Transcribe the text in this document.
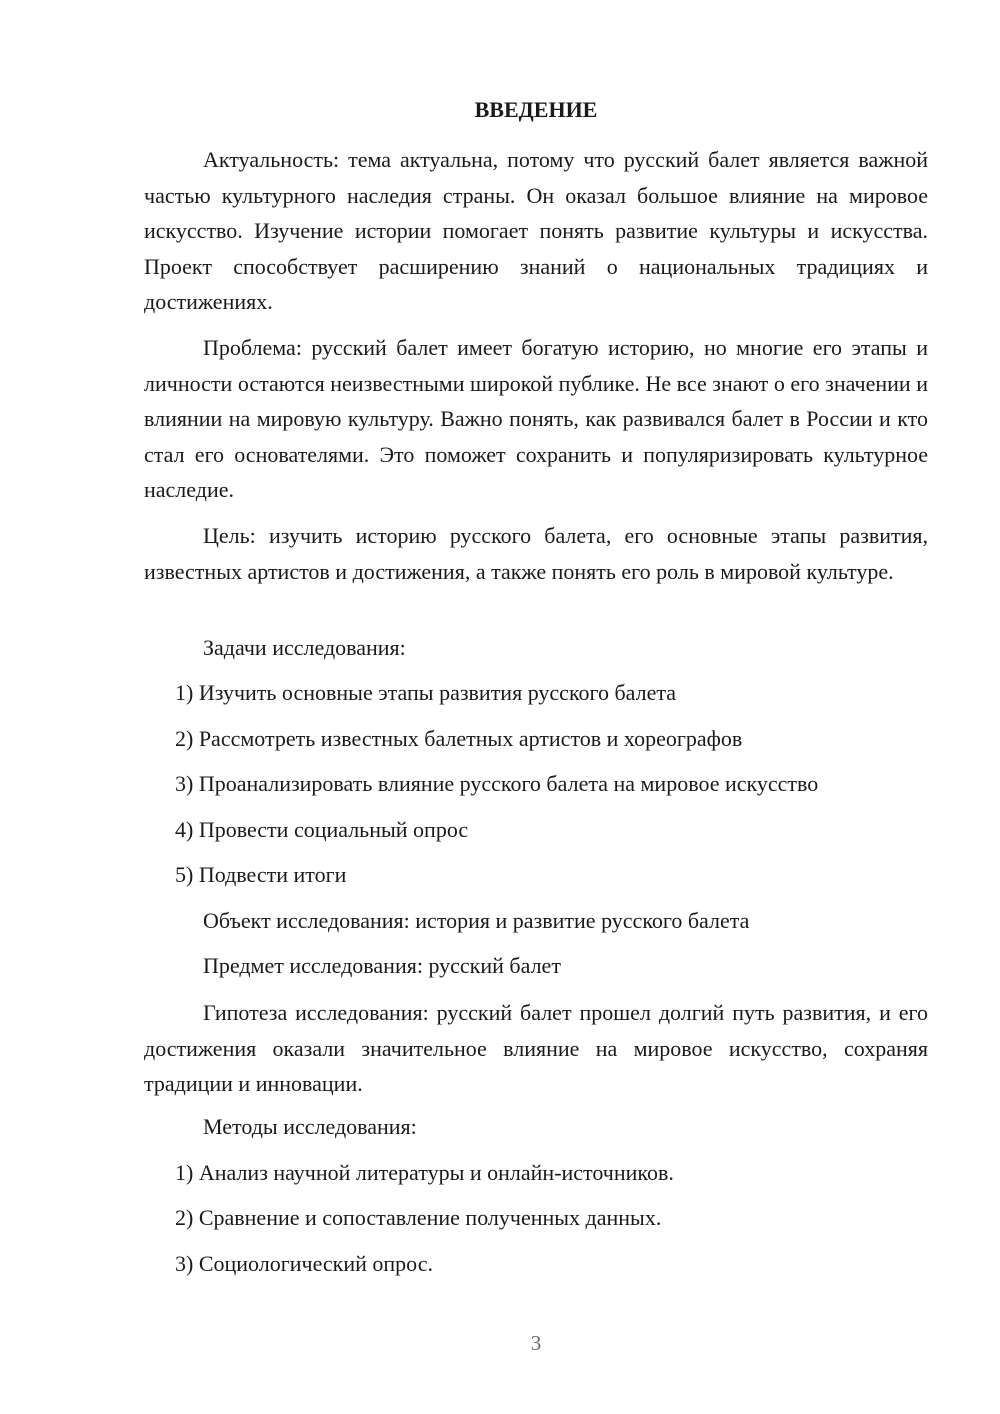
ВВЕДЕНИЕ

Актуальность: тема актуальна, потому что русский балет является важной частью культурного наследия страны. Он оказал большое влияние на мировое искусство. Изучение истории помогает понять развитие культуры и искусства. Проект способствует расширению знаний о национальных традициях и достижениях.

Проблема: русский балет имеет богатую историю, но многие его этапы и личности остаются неизвестными широкой публике. Не все знают о его значении и влиянии на мировую культуру. Важно понять, как развивался балет в России и кто стал его основателями. Это поможет сохранить и популяризировать культурное наследие.

Цель: изучить историю русского балета, его основные этапы развития, известных артистов и достижения, а также понять его роль в мировой культуре.

Задачи исследования:
1) Изучить основные этапы развития русского балета
2) Рассмотреть известных балетных артистов и хореографов
3) Проанализировать влияние русского балета на мировое искусство
4) Провести социальный опрос
5) Подвести итоги
Объект исследования: история и развитие русского балета
Предмет исследования: русский балет

Гипотеза исследования: русский балет прошел долгий путь развития, и его достижения оказали значительное влияние на мировое искусство, сохраняя традиции и инновации.

Методы исследования:
1) Анализ научной литературы и онлайн-источников.
2) Сравнение и сопоставление полученных данных.
3) Социологический опрос.
3
